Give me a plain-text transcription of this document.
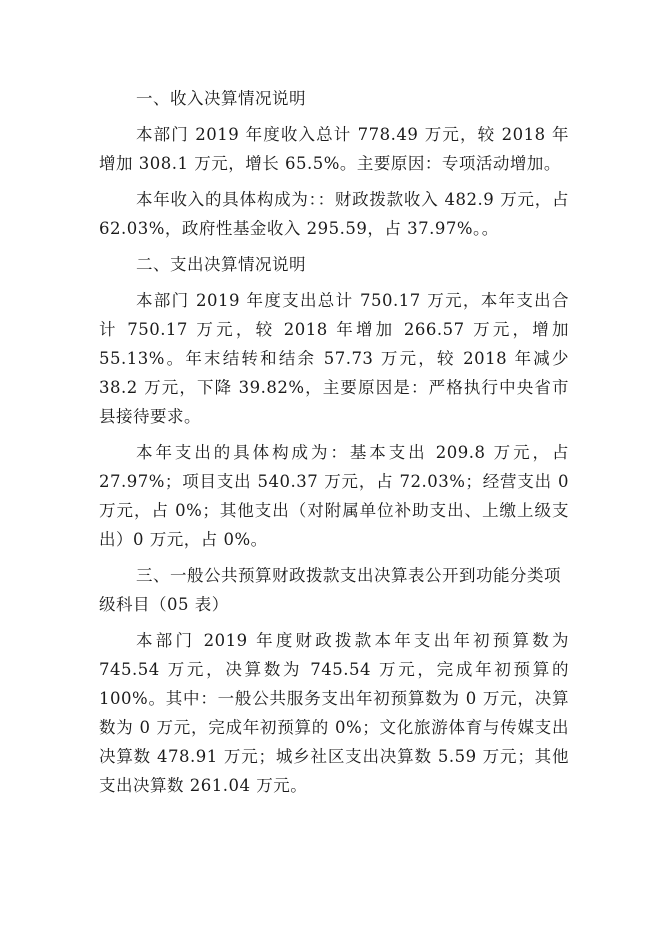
一、收入决算情况说明

本部门 2019 年度收入总计 778.49 万元，较 2018 年增加 308.1 万元，增长 65.5%。主要原因：专项活动增加。

本年收入的具体构成为：：财政拨款收入 482.9 万元，占 62.03%，政府性基金收入 295.59，占 37.97%。。

二、支出决算情况说明

本部门 2019 年度支出总计 750.17 万元，本年支出合计 750.17 万元，较 2018 年增加 266.57 万元，增加 55.13%。年末结转和结余 57.73 万元，较 2018 年减少 38.2 万元，下降 39.82%，主要原因是：严格执行中央省市县接待要求。

本年支出的具体构成为：基本支出 209.8 万元，占 27.97%；项目支出 540.37 万元，占 72.03%；经营支出 0 万元，占 0%；其他支出（对附属单位补助支出、上缴上级支出）0 万元，占 0%。

三、一般公共预算财政拨款支出决算表公开到功能分类项级科目（05 表）

本部门 2019 年度财政拨款本年支出年初预算数为 745.54 万元，决算数为 745.54 万元，完成年初预算的 100%。其中：一般公共服务支出年初预算数为 0 万元，决算数为 0 万元，完成年初预算的 0%；文化旅游体育与传媒支出决算数 478.91 万元；城乡社区支出决算数 5.59 万元；其他支出决算数 261.04 万元。
